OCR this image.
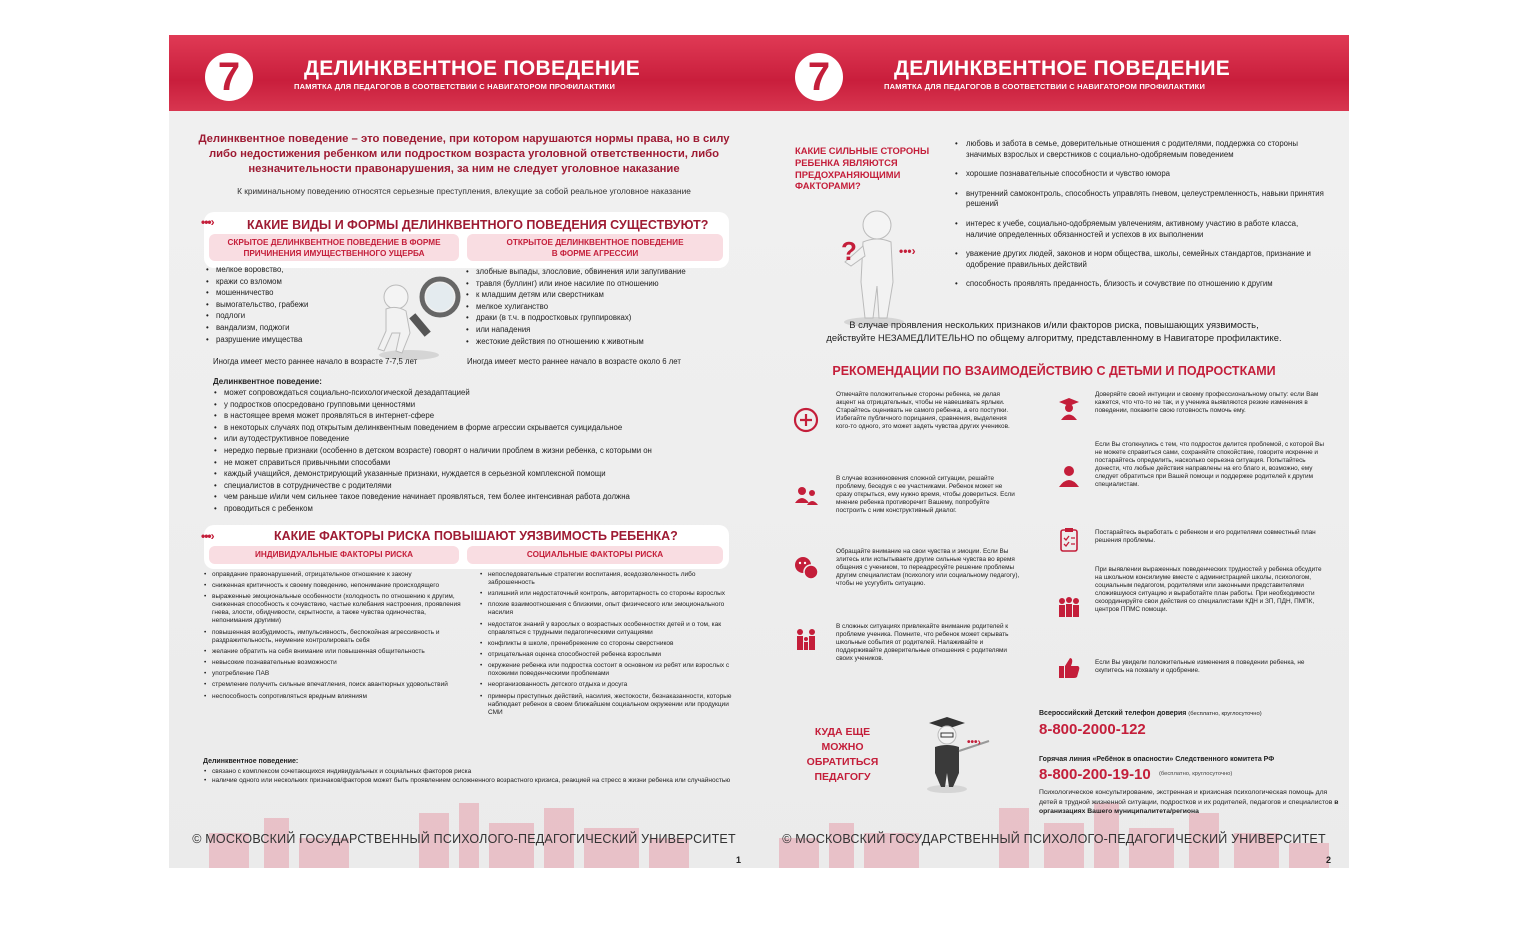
7	ДЕЛИНКВЕНТНОЕ ПОВЕДЕНИЕ
ПАМЯТКА ДЛЯ ПЕДАГОГОВ В СООТВЕТСТВИИ С НАВИГАТОРОМ ПРОФИЛАКТИКИ
Делинквентное поведение – это поведение, при котором нарушаются нормы права, но в силу
либо недостижения ребенком или подростком возраста уголовной ответственности, либо
незначительности правонарушения, за ним не следует уголовное наказание
К криминальному поведению относятся серьезные преступления, влекущие за собой реальное уголовное наказание
•••›	КАКИЕ ВИДЫ И ФОРМЫ ДЕЛИНКВЕНТНОГО ПОВЕДЕНИЯ СУЩЕСТВУЮТ?
СКРЫТОЕ ДЕЛИНКВЕНТНОЕ ПОВЕДЕНИЕ В ФОРМЕ
ПРИЧИНЕНИЯ ИМУЩЕСТВЕННОГО УЩЕРБА
ОТКРЫТОЕ ДЕЛИНКВЕНТНОЕ ПОВЕДЕНИЕ
В ФОРМЕ АГРЕССИИ
• мелкое воровство,
• кражи со взломом
• мошенничество
• вымогательство, грабежи
• подлоги
• вандализм, поджоги
• разрушение имущества
• злобные выпады, злословие, обвинения или запугивание
• травля (буллинг) или иное насилие по отношению
• к младшим детям или сверстникам
• мелкое хулиганство
• драки (в т.ч. в подростковых группировках)
• или нападения
• жестокие действия по отношению к животным
Иногда имеет место раннее начало в возрасте 7-7,5 лет	Иногда имеет место раннее начало в возрасте около 6 лет
Делинквентное поведение:
• может сопровождаться социально-психологической дезадаптацией
• у подростков опосредовано групповыми ценностями
• в настоящее время может проявляться в интернет-сфере
• в некоторых случаях под открытым делинквентным поведением в форме агрессии скрывается суицидальное
• или аутодеструктивное поведение
• нередко первые признаки (особенно в детском возрасте) говорят о наличии проблем в жизни ребенка, с которыми он
• не может справиться привычными способами
• каждый учащийся, демонстрирующий указанные признаки, нуждается в серьезной комплексной помощи
• специалистов в сотрудничестве с родителями
• чем раньше и/или чем сильнее такое поведение начинает проявляться, тем более интенсивная работа должна
• проводиться с ребенком
•••›	КАКИЕ ФАКТОРЫ РИСКА ПОВЫШАЮТ УЯЗВИМОСТЬ РЕБЕНКА?
ИНДИВИДУАЛЬНЫЕ ФАКТОРЫ РИСКА	СОЦИАЛЬНЫЕ ФАКТОРЫ РИСКА
• оправдание правонарушений, отрицательное отношение к закону
• сниженная критичность к своему поведению, непонимание происходящего
• выраженные эмоциональные особенности (холодность по отношению к другим, сниженная способность к сочувствию, частые колебания настроения, проявления гнева, злости, обидчивости, скрытности, а также чувства одиночества, непонимания другими)
• повышенная возбудимость, импульсивность, беспокойная агрессивность и раздражительность, неумение контролировать себя
• желание обратить на себя внимание или повышенная общительность
• невысокие познавательные возможности
• употребление ПАВ
• стремление получить сильные впечатления, поиск авантюрных удовольствий
• неспособность сопротивляться вредным влияниям
• непоследовательные стратегии воспитания, вседозволенность либо заброшенность
• излишний или недостаточный контроль, авторитарность со стороны взрослых
• плохие взаимоотношения с близкими, опыт физического или эмоционального насилия
• недостаток знаний у взрослых о возрастных особенностях детей и о том, как справляться с трудными педагогическими ситуациями
• конфликты в школе, пренебрежение со стороны сверстников
• отрицательная оценка способностей ребенка взрослыми
• окружение ребенка или подростка состоит в основном из ребят или взрослых с похожими поведенческими проблемами
• неорганизованность детского отдыха и досуга
• примеры преступных действий, насилия, жестокости, безнаказанности, которые наблюдает ребенок в своем ближайшем социальном окружении или продукции СМИ
Делинквентное поведение:
• связано с комплексом сочетающихся индивидуальных и социальных факторов риска
• наличие одного или нескольких признаков/факторов может быть проявлением осложненного возрастного кризиса, реакцией на стресс в жизни ребенка или случайностью
© МОСКОВСКИЙ ГОСУДАРСТВЕННЫЙ ПСИХОЛОГО-ПЕДАГОГИЧЕСКИЙ УНИВЕРСИТЕТ
1
7	ДЕЛИНКВЕНТНОЕ ПОВЕДЕНИЕ
ПАМЯТКА ДЛЯ ПЕДАГОГОВ В СООТВЕТСТВИИ С НАВИГАТОРОМ ПРОФИЛАКТИКИ
КАКИЕ СИЛЬНЫЕ СТОРОНЫ РЕБЕНКА ЯВЛЯЮТСЯ ПРЕДОХРАНЯЮЩИМИ ФАКТОРАМИ?
?	•••›
• любовь и забота в семье, доверительные отношения с родителями, поддержка со стороны значимых взрослых и сверстников с социально-одобряемым поведением
• хорошие познавательные способности и чувство юмора
• внутренний самоконтроль, способность управлять гневом, целеустремленность, навыки принятия решений
• интерес к учебе, социально-одобряемым увлечениям, активному участию в работе класса, наличие определенных обязанностей и успехов в их выполнении
• уважение других людей, законов и норм общества, школы, семейных стандартов, признание и одобрение правильных действий
• способность проявлять преданность, близость и сочувствие по отношению к другим
В случае проявления нескольких признаков и/или факторов риска, повышающих уязвимость,
действуйте НЕЗАМЕДЛИТЕЛЬНО по общему алгоритму, представленному в Навигаторе профилактике.
РЕКОМЕНДАЦИИ ПО ВЗАИМОДЕЙСТВИЮ С ДЕТЬМИ И ПОДРОСТКАМИ
Отмечайте положительные стороны ребенка, не делая акцент на отрицательных, чтобы не навешивать ярлыки. Старайтесь оценивать не самого ребенка, а его поступки. Избегайте публичного порицания, сравнения, выделения кого-то одного, это может задеть чувства других учеников.
В случае возникновения сложной ситуации, решайте проблему, беседуя с ее участниками. Ребенок может не сразу открыться, ему нужно время, чтобы довериться. Если мнение ребенка противоречит Вашему, попробуйте построить с ним конструктивный диалог.
Обращайте внимание на свои чувства и эмоции. Если Вы злитесь или испытываете другие сильные чувства во время общения с учеником, то переадресуйте решение проблемы другим специалистам (психологу или социальному педагогу), чтобы не усугубить ситуацию.
В сложных ситуациях привлекайте внимание родителей к проблеме ученика. Помните, что ребенок может скрывать школьные события от родителей. Налаживайте и поддерживайте доверительные отношения с родителями своих учеников.
Доверяйте своей интуиции и своему профессиональному опыту: если Вам кажется, что что-то не так, и у ученика выявляются резкие изменения в поведении, покажите свою готовность помочь ему.
Если Вы столкнулись с тем, что подросток делится проблемой, с которой Вы не можете справиться сами, сохраняйте спокойствие, говорите искренне и постарайтесь определить, насколько серьезна ситуация. Попытайтесь донести, что любые действия направлены на его благо и, возможно, ему следует обратиться при Вашей помощи и поддержке родителей к другим специалистам.
Постарайтесь выработать с ребенком и его родителями совместный план решения проблемы.
При выявлении выраженных поведенческих трудностей у ребенка обсудите на школьном консилиуме вместе с администрацией школы, психологом, социальным педагогом, родителями или законными представителями сложившуюся ситуацию и выработайте план работы. При необходимости скоординируйте свои действия со специалистами КДН и ЗП, ПДН, ПМПК, центров ППМС помощи.
Если Вы увидели положительные изменения в поведении ребенка, не скупитесь на похвалу и одобрение.
КУДА ЕЩЕ
МОЖНО
ОБРАТИТЬСЯ
ПЕДАГОГУ
•••›
Всероссийский Детский телефон доверия (бесплатно, круглосуточно)
8-800-2000-122
Горячая линия «Ребёнок в опасности» Следственного комитета РФ
8-800-200-19-10 (бесплатно, круглосуточно)
Психологическое консультирование, экстренная и кризисная психологическая помощь для детей в трудной жизненной ситуации, подростков и их родителей, педагогов и специалистов в организациях Вашего муниципалитета/региона
© МОСКОВСКИЙ ГОСУДАРСТВЕННЫЙ ПСИХОЛОГО-ПЕДАГОГИЧЕСКИЙ УНИВЕРСИТЕТ
2
